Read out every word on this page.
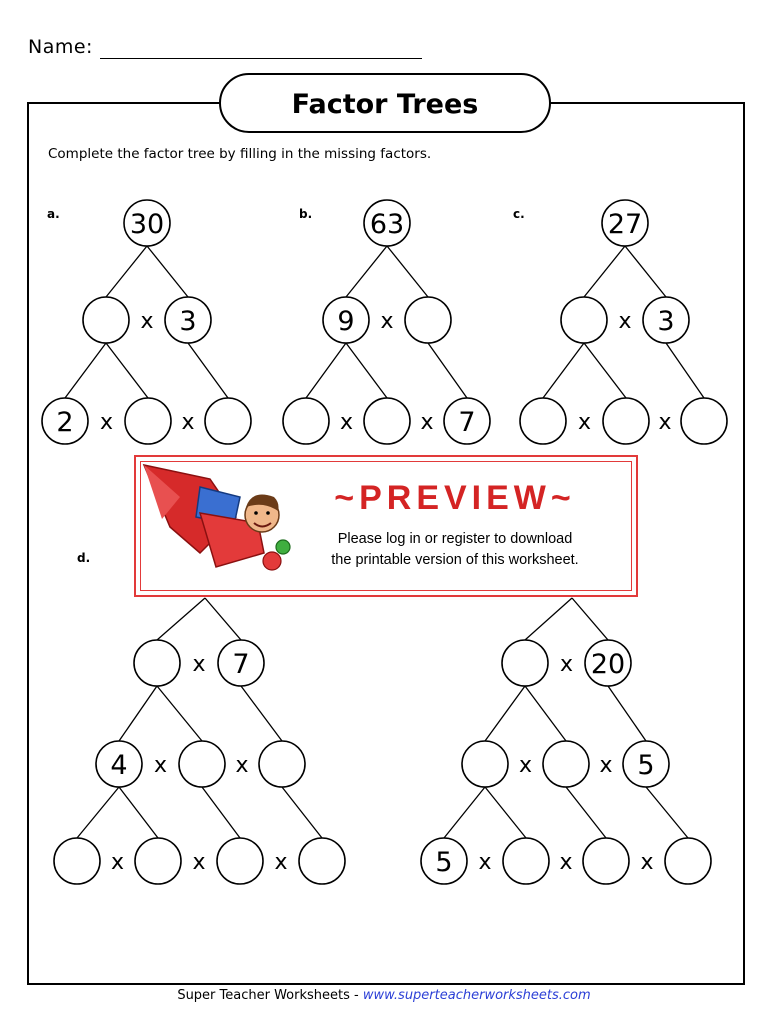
Name:
Factor Trees
a.	30
3
x
2 x	x
b. 63
9 x
7
x	x
c.	27
3
x
x	x
d.
7
x
4 x	x
x	x	x
20
x
5
x	x
5 x	x	x
Complete the factor tree by filling in the missing factors.
~PREVIEW~
Please log in or register to download
the printable version of this worksheet.
Super Teacher Worksheets - www.superteacherworksheets.com
